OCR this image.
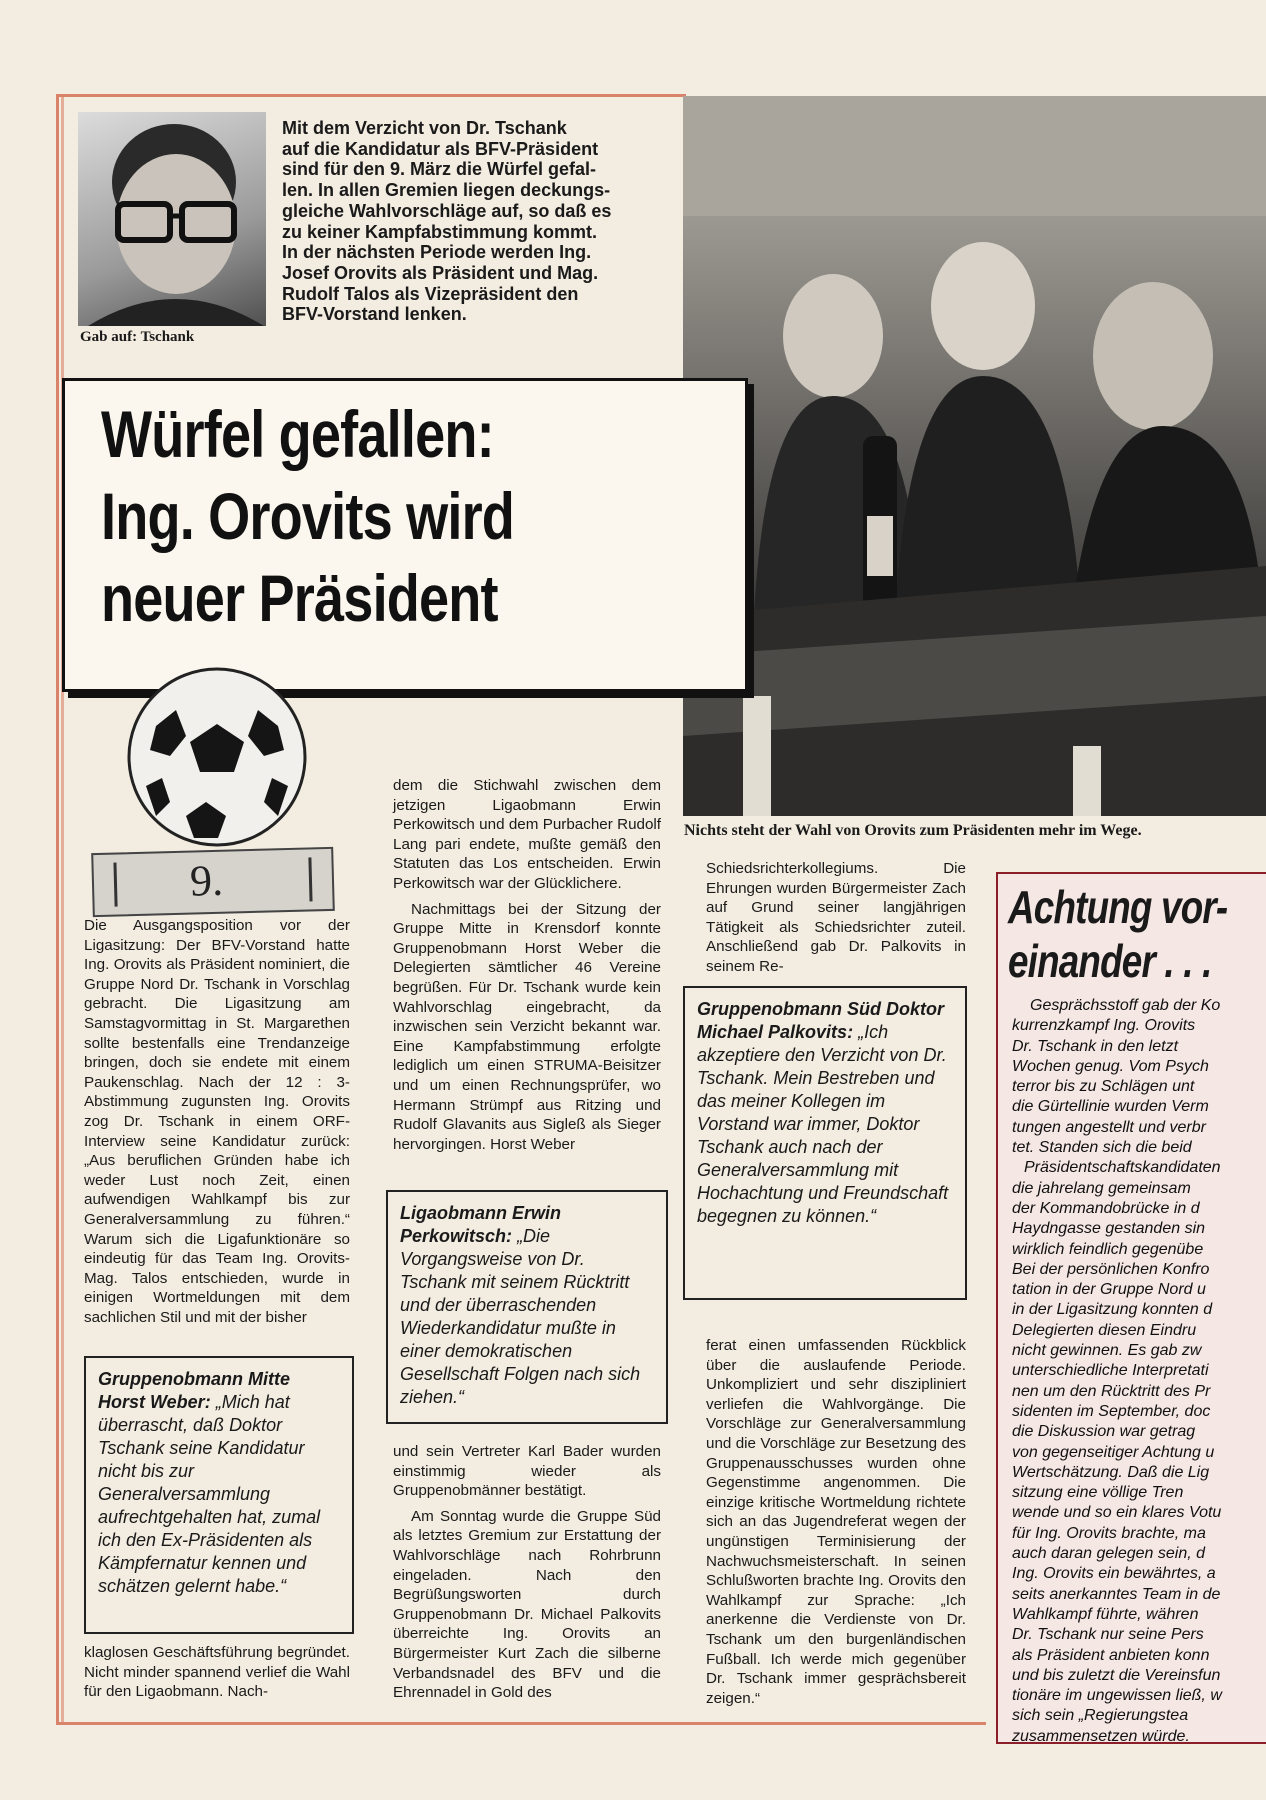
Gab auf: Tschank
Mit dem Verzicht von Dr. Tschank
auf die Kandidatur als BFV-Präsident
sind für den 9. März die Würfel gefal-
len. In allen Gremien liegen deckungs-
gleiche Wahlvorschläge auf, so daß es
zu keiner Kampfabstimmung kommt.
In der nächsten Periode werden Ing.
Josef Orovits als Präsident und Mag.
Rudolf Talos als Vizepräsident den
BFV-Vorstand lenken.
Nichts steht der Wahl von Orovits zum Präsidenten mehr im Wege.
Würfel gefallen:
Ing. Orovits wird
neuer Präsident
9.

Die Ausgangsposition vor der Ligasitzung: Der BFV-Vorstand hatte Ing. Orovits als Präsident nominiert, die Gruppe Nord Dr. Tschank in Vorschlag gebracht. Die Ligasitzung am Samstagvormittag in St. Margarethen sollte bestenfalls eine Trendanzeige bringen, doch sie endete mit einem Paukenschlag. Nach der 12 : 3-Abstimmung zugunsten Ing. Orovits zog Dr. Tschank in einem ORF-Interview seine Kandidatur zurück: „Aus beruflichen Gründen habe ich weder Lust noch Zeit, einen aufwendigen Wahlkampf bis zur Generalversammlung zu führen.“ Warum sich die Ligafunktionäre so eindeutig für das Team Ing. Orovits-Mag. Talos entschieden, wurde in einigen Wortmeldungen mit dem sachlichen Stil und mit der bisher

Gruppenobmann Mitte Horst Weber: „Mich hat überrascht, daß Doktor Tschank seine Kandidatur nicht bis zur Generalversammlung aufrechtgehalten hat, zumal ich den Ex-Präsidenten als Kämpfernatur kennen und schätzen gelernt habe.“

klaglosen Geschäftsführung begründet. Nicht minder spannend verlief die Wahl für den Ligaobmann. Nach-

dem die Stichwahl zwischen dem jetzigen Ligaobmann Erwin Perkowitsch und dem Purbacher Rudolf Lang pari endete, mußte gemäß den Statuten das Los entscheiden. Erwin Perkowitsch war der Glücklichere.

Nachmittags bei der Sitzung der Gruppe Mitte in Krensdorf konnte Gruppenobmann Horst Weber die Delegierten sämtlicher 46 Vereine begrüßen. Für Dr. Tschank wurde kein Wahlvorschlag eingebracht, da inzwischen sein Verzicht bekannt war. Eine Kampfabstimmung erfolgte lediglich um einen STRUMA-Beisitzer und um einen Rechnungsprüfer, wo Hermann Strümpf aus Ritzing und Rudolf Glavanits aus Sigleß als Sieger hervorgingen. Horst Weber

Ligaobmann Erwin Perkowitsch: „Die Vorgangsweise von Dr. Tschank mit seinem Rücktritt und der überraschenden Wiederkandidatur mußte in einer demokratischen Gesellschaft Folgen nach sich ziehen.“

und sein Vertreter Karl Bader wurden einstimmig wieder als Gruppenobmänner bestätigt.

Am Sonntag wurde die Gruppe Süd als letztes Gremium zur Erstattung der Wahlvorschläge nach Rohrbrunn eingeladen. Nach den Begrüßungsworten durch Gruppenobmann Dr. Michael Palkovits überreichte Ing. Orovits an Bürgermeister Kurt Zach die silberne Verbandsnadel des BFV und die Ehrennadel in Gold des

Schiedsrichterkollegiums. Die Ehrungen wurden Bürgermeister Zach auf Grund seiner langjährigen Tätigkeit als Schiedsrichter zuteil. Anschließend gab Dr. Palkovits in seinem Re-

Gruppenobmann Süd Doktor Michael Palkovits: „Ich akzeptiere den Verzicht von Dr. Tschank. Mein Bestreben und das meiner Kollegen im Vorstand war immer, Doktor Tschank auch nach der Generalversammlung mit Hochachtung und Freundschaft begegnen zu können.“

ferat einen umfassenden Rückblick über die auslaufende Periode. Unkompliziert und sehr diszipliniert verliefen die Wahlvorgänge. Die Vorschläge zur Generalversammlung und die Vorschläge zur Besetzung des Gruppenausschusses wurden ohne Gegenstimme angenommen. Die einzige kritische Wortmeldung richtete sich an das Jugendreferat wegen der ungünstigen Terminisierung der Nachwuchsmeisterschaft. In seinen Schlußworten brachte Ing. Orovits den Wahlkampf zur Sprache: „Ich anerkenne die Verdienste von Dr. Tschank um den burgenländischen Fußball. Ich werde mich gegenüber Dr. Tschank immer gesprächsbereit zeigen.“

Achtung vor-
einander . . .
Gesprächsstoff gab der Ko
kurrenzkampf Ing. Orovits
Dr. Tschank in den letzt
Wochen genug. Vom Psych
terror bis zu Schlägen unt
die Gürtellinie wurden Verm
tungen angestellt und verbr
tet. Standen sich die beid
Präsidentschaftskandidaten
die jahrelang gemeinsam
der Kommandobrücke in d
Haydngasse gestanden sin
wirklich feindlich gegenübe
Bei der persönlichen Konfro
tation in der Gruppe Nord u
in der Ligasitzung konnten d
Delegierten diesen Eindru
nicht gewinnen. Es gab zw
unterschiedliche Interpretati
nen um den Rücktritt des Pr
sidenten im September, doc
die Diskussion war getrag
von gegenseitiger Achtung u
Wertschätzung. Daß die Lig
sitzung eine völlige Tren
wende und so ein klares Votu
für Ing. Orovits brachte, ma
auch daran gelegen sein, d
Ing. Orovits ein bewährtes, a
seits anerkanntes Team in de
Wahlkampf führte, währen
Dr. Tschank nur seine Pers
als Präsident anbieten konn
und bis zuletzt die Vereinsfun
tionäre im ungewissen ließ, w
sich sein „Regierungstea
zusammensetzen würde.
